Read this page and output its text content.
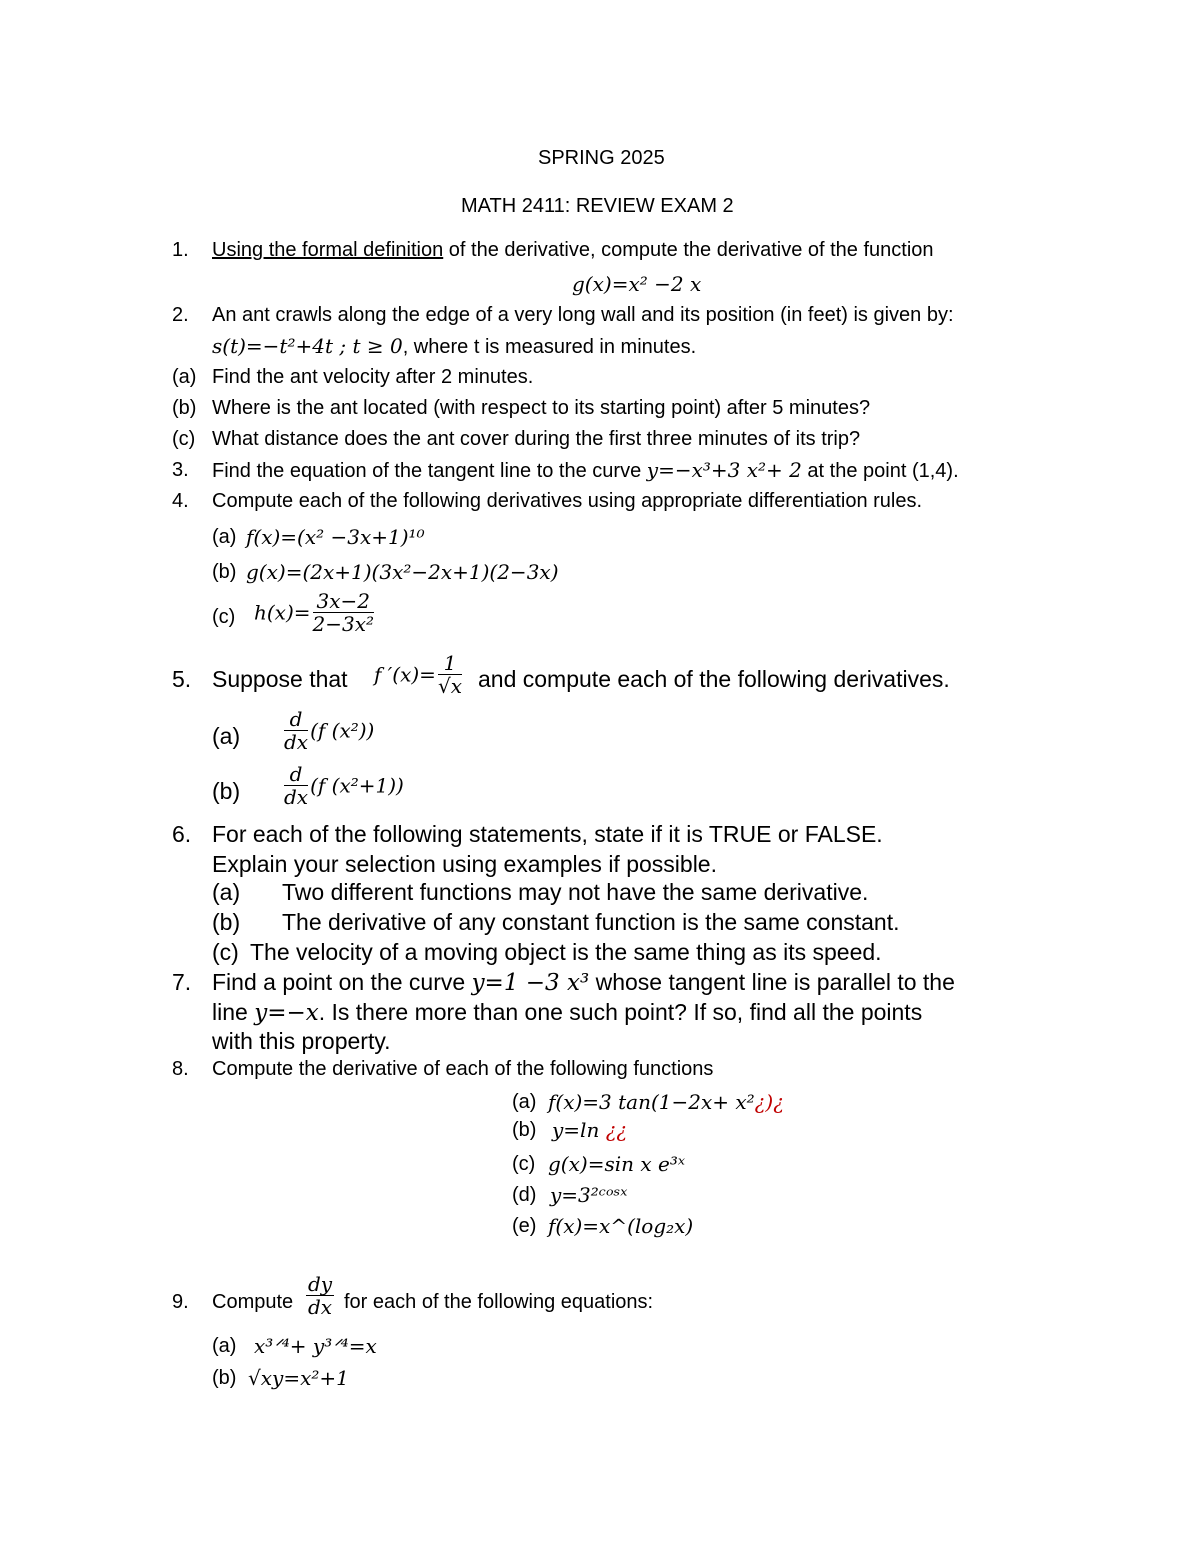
SPRING 2025
MATH 2411: REVIEW EXAM 2
1. Using the formal definition of the derivative, compute the derivative of the function
g(x)=x² −2 x
2. An ant crawls along the edge of a very long wall and its position (in feet) is given by:
s(t)=−t²+4t ; t ≥ 0, where t is measured in minutes.
(a) Find the ant velocity after 2 minutes.
(b) Where is the ant located (with respect to its starting point) after 5 minutes?
(c) What distance does the ant cover during the first three minutes of its trip?
3. Find the equation of the tangent line to the curve y=−x³+3 x²+ 2 at the point (1,4).
4. Compute each of the following derivatives using appropriate differentiation rules.
(a) f(x)=(x² −3x+1)¹⁰
(b) g(x)=(2x+1)(3x²−2x+1)(2−3x)
(c) $h(x)= \frac{3x-2}{\text{2−3x²}}$
5. Suppose that f $'(x)= \frac{1}{√x}$ and compute each of the following derivatives.
$(a) \frac{d}{dx} (f$ (x²))
$(b) \frac{d}{dx} (f$ (x²+1))
6. For each of the following statements, state if it is TRUE or FALSE.
Explain your selection using examples if possible.
(a) Two different functions may not have the same derivative.
(b) The derivative of any constant function is the same constant.
(c) The velocity of a moving object is the same thing as its speed.
7. Find a point on the curve y=1 −3 x³ whose tangent line is parallel to the
line y=−x. Is there more than one such point? If so, find all the points
with this property.
8. Compute the derivative of each of the following functions
(a) f(x)=3 tan(1−2x+ x²¿)¿
(b) y=ln ¿¿
(c) g(x)=sin x e³ˣ
(d) y=3²ᶜᵒˢˣ
(e) f(x)=x^(log₂x)
9. Compute $\frac{dy}{dx}$ for each of the following equations:
(a) x³ᐟ⁴+ y³ᐟ⁴=x
(b) √xy=x²+1
